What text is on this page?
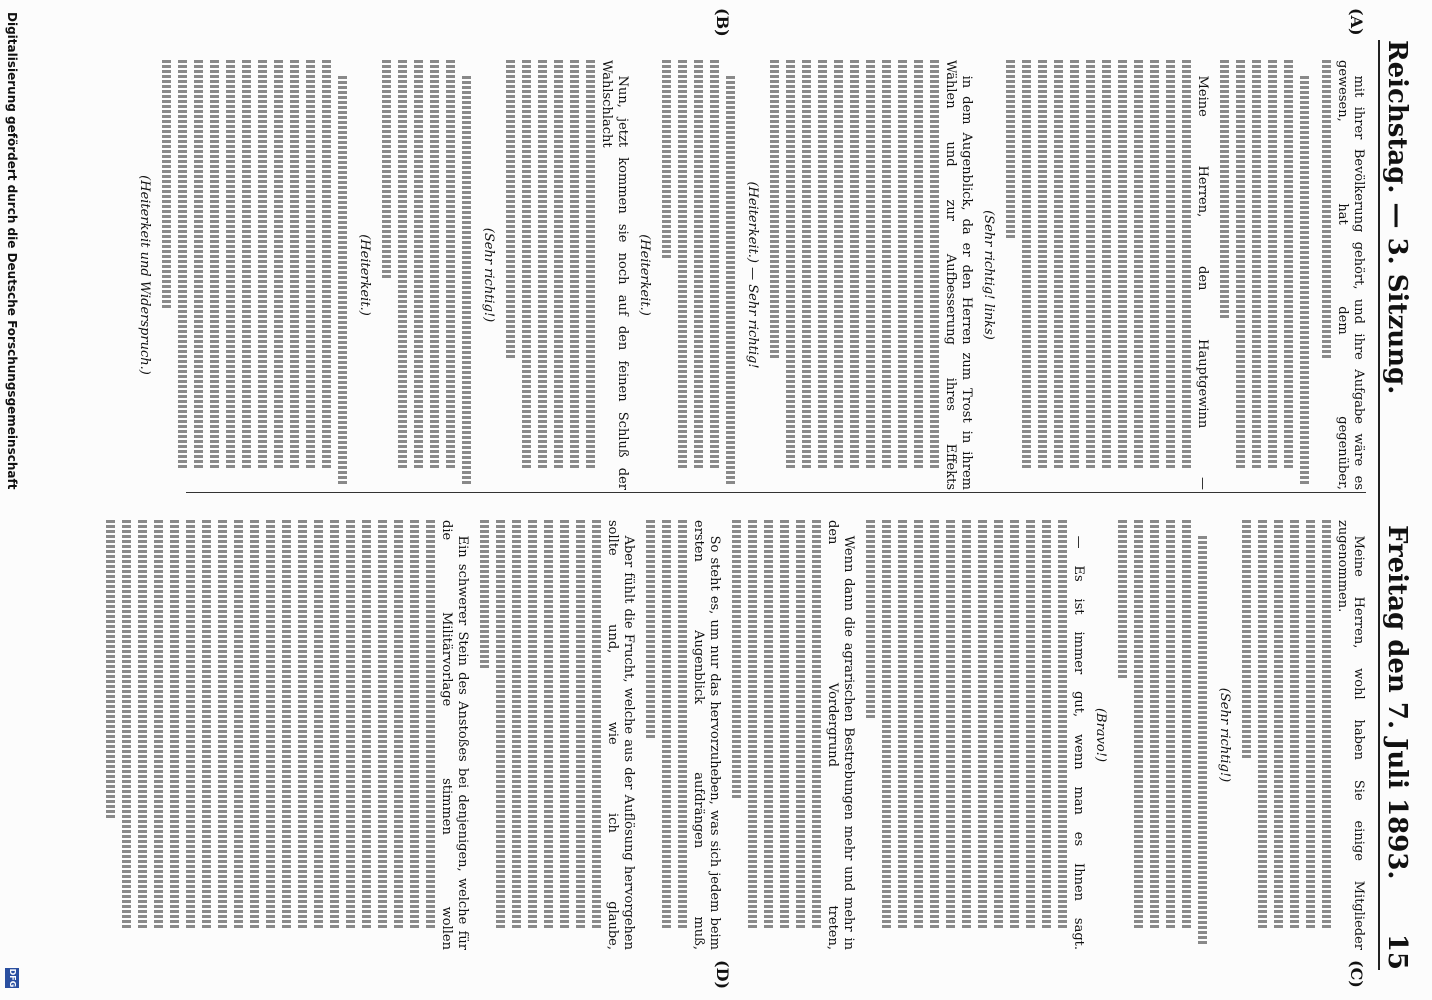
Reichstag. — 3. Sitzung.
Freitag den 7. Juli 1893.      15
(A)
(B)
(C)
(D)

mit ihrer Bevölkerung gehört, und ihre Aufgabe wäre es gewesen, hat dem gegenüber,

Meine Herren, den Hauptgewinn —

(Sehr richtig! links)

in dem Augenblick, da er den Herren zum Trost in ihrem Wählen und zur Aufbesserung ihres Effekts

(Heiterkeit.) — Sehr richtig!

(Heiterkeit.)

Nun, jetzt kommen sie noch auf den feinen Schluß der Wahlschlacht

(Sehr richtig!)

(Heiterkeit.)

(Heiterkeit und Widerspruch.)

Meine Herren, wohl haben Sie einige Mitglieder zugenommen.

(Sehr richtig!)

(Bravo!)

— Es ist immer gut, wenn man es Ihnen sagt.

Wenn dann die agrarischen Bestrebungen mehr und mehr in den Vordergrund treten,

So steht es, um nur das hervorzuheben, was sich jedem beim ersten Augenblick aufdrängen muß,

Aber fühlt die Frucht, welche aus der Auflösung hervorgehen sollte und, wie ich glaube,

Ein schwerer Stein des Anstoßes bei denjenigen, welche für die Militärvorlage stimmen wollen

Digitalisierung gefördert durch die Deutsche Forschungsgemeinschaft
DFG
